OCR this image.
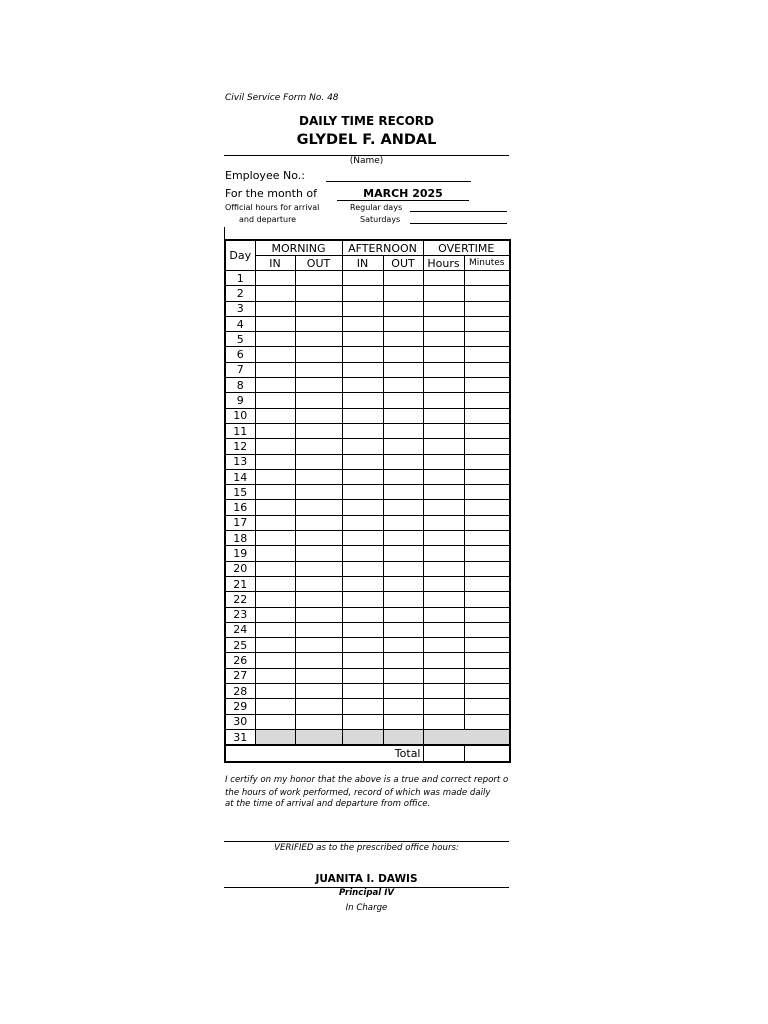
Civil Service Form No. 48
DAILY TIME RECORD
GLYDEL F. ANDAL
(Name)
Employee No.:
For the month of	MARCH 2025
Official hours for arrival
and departure
Regular days
Saturdays
Day	MORNING		AFTERNOON		OVERTIME	
	IN	OUT	IN	OUT	Hours	Minutes
1						
2						
3						
4						
5						
6						
7						
8						
9						
10						
11						
12						
13						
14						
15						
16						
17						
18						
19						
20						
21						
22						
23						
24						
25						
26						
27						
28						
29						
30						
31						
Total						
I certify on my honor that the above is a true and correct report o
the hours of work performed, record of which was made daily
at the time of arrival and departure from office.
VERIFIED as to the prescribed office hours:
JUANITA I. DAWIS
Principal IV
In Charge
